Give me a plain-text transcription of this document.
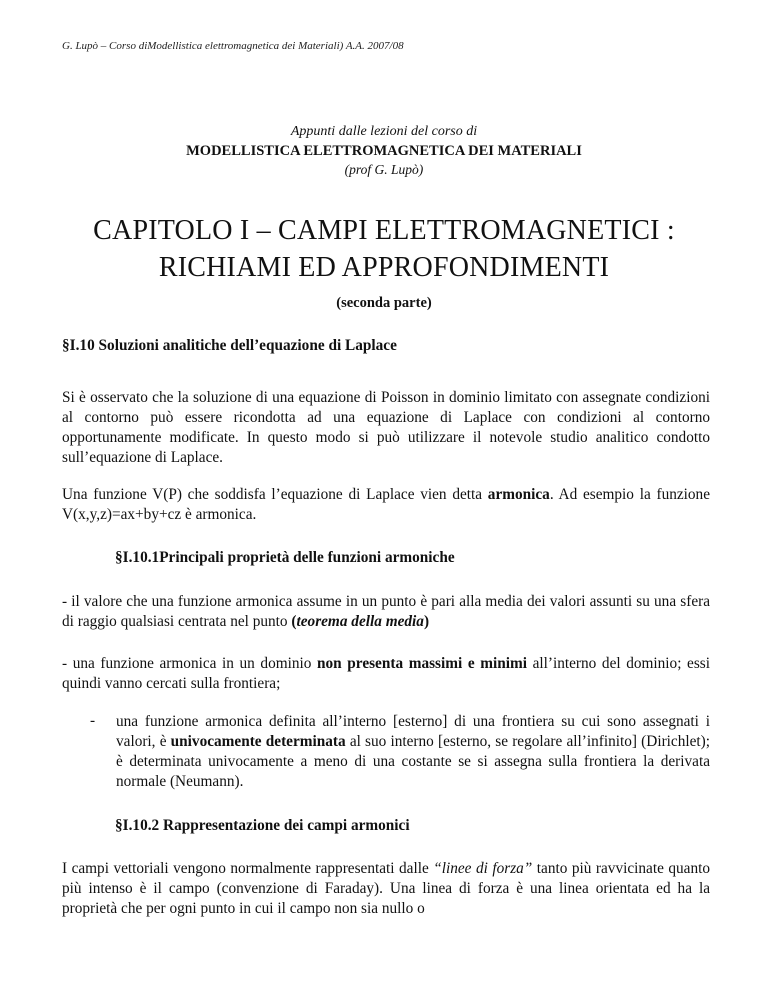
G. Lupò – Corso diModellistica elettromagnetica dei Materiali) A.A. 2007/08
Appunti dalle lezioni del corso di
MODELLISTICA ELETTROMAGNETICA DEI MATERIALI
(prof G. Lupò)
CAPITOLO I – CAMPI ELETTROMAGNETICI :
RICHIAMI ED APPROFONDIMENTI
(seconda parte)
§I.10 Soluzioni analitiche dell’equazione di Laplace
Si è osservato che la soluzione di una equazione di Poisson in dominio limitato con assegnate condizioni al contorno può essere ricondotta ad una equazione di Laplace con condizioni al contorno opportunamente modificate. In questo modo si può utilizzare il notevole studio analitico condotto sull’equazione di Laplace.
Una funzione V(P) che soddisfa l’equazione di Laplace vien detta armonica. Ad esempio la funzione V(x,y,z)=ax+by+cz è armonica.
§I.10.1Principali proprietà delle funzioni armoniche
- il valore che una funzione armonica assume in un punto è pari alla media dei valori assunti su una sfera di raggio qualsiasi centrata nel punto (teorema della media)
- una funzione armonica in un dominio non presenta massimi e minimi all’interno del dominio; essi quindi vanno cercati sulla frontiera;
- una funzione armonica definita all’interno [esterno] di una frontiera su cui sono assegnati i valori, è univocamente determinata al suo interno [esterno, se regolare all’infinito] (Dirichlet); è determinata univocamente a meno di una costante se si assegna sulla frontiera la derivata normale (Neumann).
§I.10.2 Rappresentazione dei campi armonici
I campi vettoriali vengono normalmente rappresentati dalle “linee di forza” tanto più ravvicinate quanto più intenso è il campo (convenzione di Faraday). Una linea di forza è una linea orientata ed ha la proprietà che per ogni punto in cui il campo non sia nullo o
